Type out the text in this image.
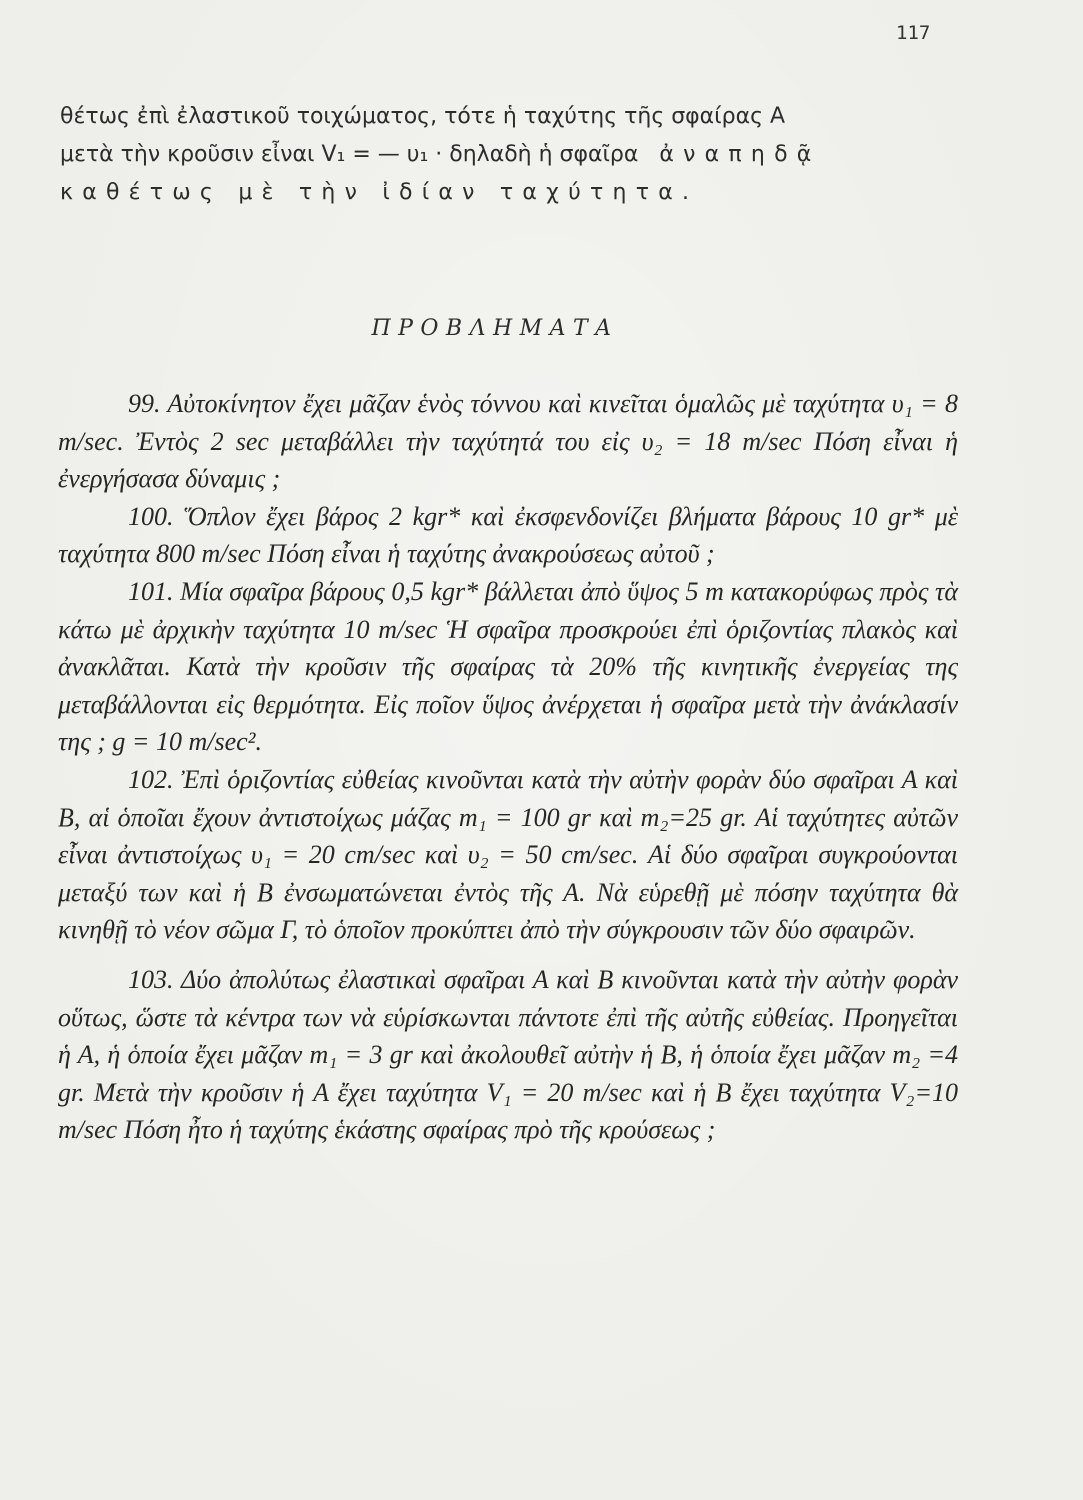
117
θέτως ἐπὶ ἐλαστικοῦ τοιχώματος, τότε ἡ ταχύτης τῆς σφαίρας Α
μετὰ τὴν κροῦσιν εἶναι V₁ = — υ₁ · δηλαδὴ ἡ σφαῖρα ἀναπηδᾷ
καθέτως μὲ τὴν ἰδίαν ταχύτητα.
ΠΡΟΒΛΗΜΑΤΑ

99. Αὐτοκίνητον ἔχει μᾶζαν ἑνὸς τόννου καὶ κινεῖται ὁμαλῶς μὲ ταχύτητα υ₁ = 8 m/sec. Ἐντὸς 2 sec μεταβάλλει τὴν ταχύτητά του εἰς υ₂ = 18 m/sec Πόση εἶναι ἡ ἐνεργήσασα δύναμις ;

100. Ὅπλον ἔχει βάρος 2 kgr* καὶ ἐκσφενδονίζει βλήματα βάρους 10 gr* μὲ ταχύτητα 800 m/sec Πόση εἶναι ἡ ταχύτης ἀνακρούσεως αὐτοῦ ;

101. Μία σφαῖρα βάρους 0,5 kgr* βάλλεται ἀπὸ ὕψος 5 m κατακορύφως πρὸς τὰ κάτω μὲ ἀρχικὴν ταχύτητα 10 m/sec Ἡ σφαῖρα προσκρούει ἐπὶ ὁριζοντίας πλακὸς καὶ ἀνακλᾶται. Κατὰ τὴν κροῦσιν τῆς σφαίρας τὰ 20% τῆς κινητικῆς ἐνεργείας της μεταβάλλονται εἰς θερμότητα. Εἰς ποῖον ὕψος ἀνέρχεται ἡ σφαῖρα μετὰ τὴν ἀνάκλασίν της ; g = 10 m/sec².

102. Ἐπὶ ὁριζοντίας εὐθείας κινοῦνται κατὰ τὴν αὐτὴν φορὰν δύο σφαῖραι Α καὶ Β, αἱ ὁποῖαι ἔχουν ἀντιστοίχως μάζας m₁ = 100 gr καὶ m₂=25 gr. Αἱ ταχύτητες αὐτῶν εἶναι ἀντιστοίχως υ₁ = 20 cm/sec καὶ υ₂ = 50 cm/sec. Αἱ δύο σφαῖραι συγκρούονται μεταξύ των καὶ ἡ Β ἐνσωματώνεται ἐντὸς τῆς Α. Νὰ εὑρεθῇ μὲ πόσην ταχύτητα θὰ κινηθῇ τὸ νέον σῶμα Γ, τὸ ὁποῖον προκύπτει ἀπὸ τὴν σύγκρουσιν τῶν δύο σφαιρῶν.

103. Δύο ἀπολύτως ἐλαστικαὶ σφαῖραι Α καὶ Β κινοῦνται κατὰ τὴν αὐτὴν φορὰν οὕτως, ὥστε τὰ κέντρα των νὰ εὑρίσκωνται πάντοτε ἐπὶ τῆς αὐτῆς εὐθείας. Προηγεῖται ἡ Α, ἡ ὁποία ἔχει μᾶζαν m₁ = 3 gr καὶ ἀκολουθεῖ αὐτὴν ἡ Β, ἡ ὁποία ἔχει μᾶζαν m₂ =4 gr. Μετὰ τὴν κροῦσιν ἡ Α ἔχει ταχύτητα V₁ = 20 m/sec καὶ ἡ Β ἔχει ταχύτητα V₂=10 m/sec Πόση ἦτο ἡ ταχύτης ἑκάστης σφαίρας πρὸ τῆς κρούσεως ;
